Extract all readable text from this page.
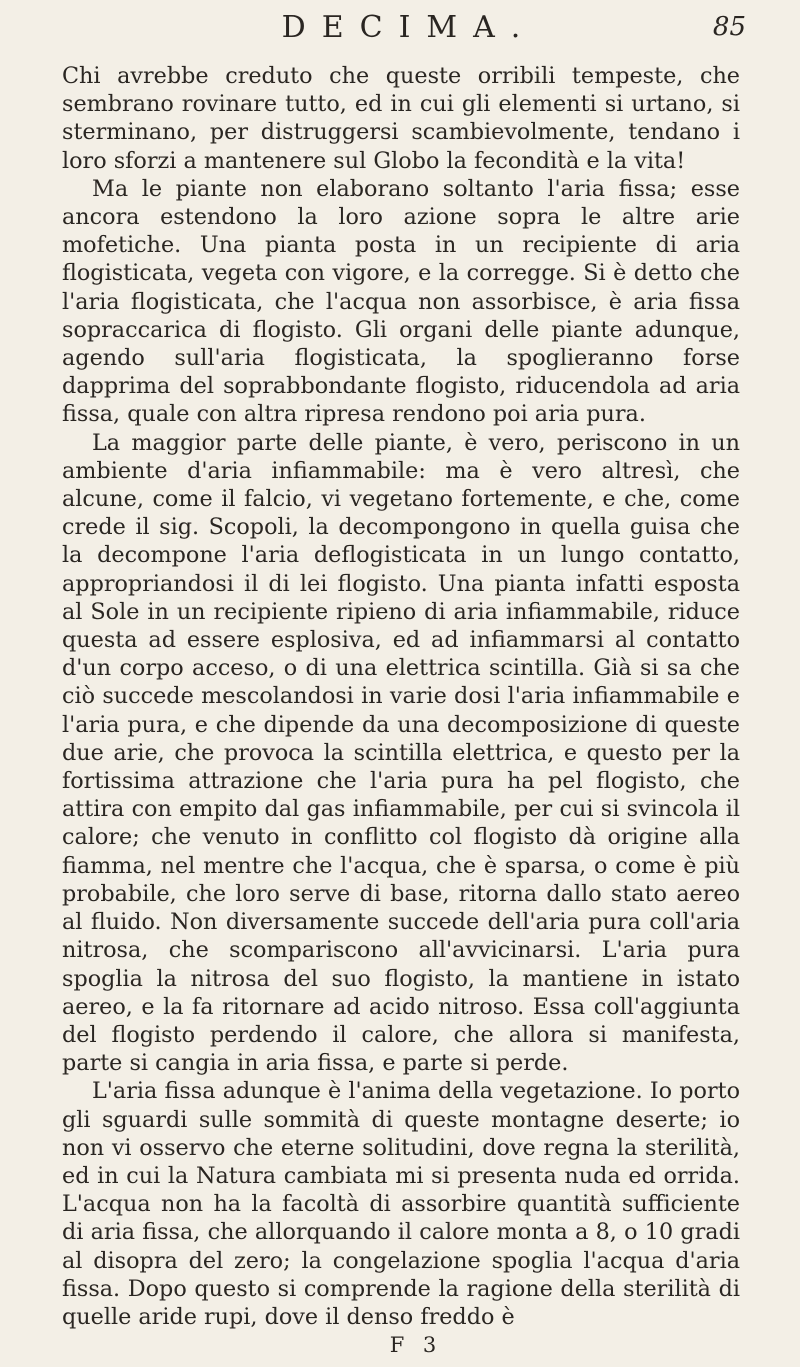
DECIMA.	85

Chi avrebbe creduto che queste orribili tempeste, che sembrano rovinare tutto, ed in cui gli elementi si urtano, si sterminano, per distruggersi scambievolmente, tendano i loro sforzi a mantenere sul Globo la fecondità e la vita!

Ma le piante non elaborano soltanto l'aria fissa; esse ancora estendono la loro azione sopra le altre arie mofetiche. Una pianta posta in un recipiente di aria flogisticata, vegeta con vigore, e la corregge. Si è detto che l'aria flogisticata, che l'acqua non assorbisce, è aria fissa sopraccarica di flogisto. Gli organi delle piante adunque, agendo sull'aria flogisticata, la spoglieranno forse dapprima del soprabbondante flogisto, riducendola ad aria fissa, quale con altra ripresa rendono poi aria pura.

La maggior parte delle piante, è vero, periscono in un ambiente d'aria infiammabile: ma è vero altresì, che alcune, come il falcio, vi vegetano fortemente, e che, come crede il sig. Scopoli, la decompongono in quella guisa che la decompone l'aria deflogisticata in un lungo contatto, appropriandosi il di lei flogisto. Una pianta infatti esposta al Sole in un recipiente ripieno di aria infiammabile, riduce questa ad essere esplosiva, ed ad infiammarsi al contatto d'un corpo acceso, o di una elettrica scintilla. Già si sa che ciò succede mescolandosi in varie dosi l'aria infiammabile e l'aria pura, e che dipende da una decomposizione di queste due arie, che provoca la scintilla elettrica, e questo per la fortissima attrazione che l'aria pura ha pel flogisto, che attira con empito dal gas infiammabile, per cui si svincola il calore; che venuto in conflitto col flogisto dà origine alla fiamma, nel mentre che l'acqua, che è sparsa, o come è più probabile, che loro serve di base, ritorna dallo stato aereo al fluido. Non diversamente succede dell'aria pura coll'aria nitrosa, che scompariscono all'avvicinarsi. L'aria pura spoglia la nitrosa del suo flogisto, la mantiene in istato aereo, e la fa ritornare ad acido nitroso. Essa coll'aggiunta del flogisto perdendo il calore, che allora si manifesta, parte si cangia in aria fissa, e parte si perde.

L'aria fissa adunque è l'anima della vegetazione. Io porto gli sguardi sulle sommità di queste montagne deserte; io non vi osservo che eterne solitudini, dove regna la sterilità, ed in cui la Natura cambiata mi si presenta nuda ed orrida. L'acqua non ha la facoltà di assorbire quantità sufficiente di aria fissa, che allorquando il calore monta a 8, o 10 gradi al disopra del zero; la congelazione spoglia l'acqua d'aria fissa. Dopo questo si comprende la ragione della sterilità di quelle aride rupi, dove il denso freddo è

F 3
